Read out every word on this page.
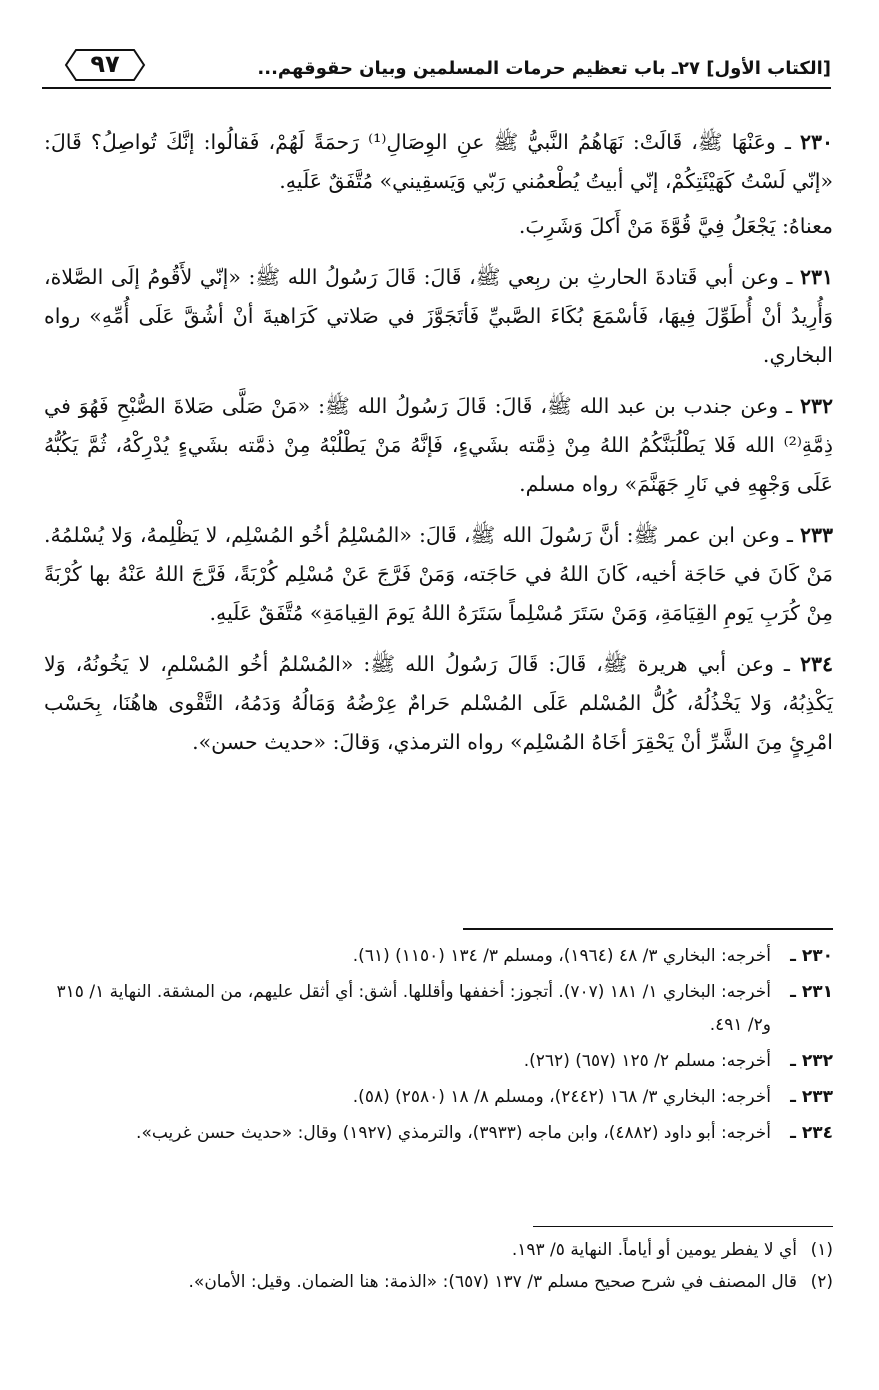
[الكتاب الأول] ٢٧ـ باب تعظيم حرمات المسلمين وبيان حقوقهم...
٩٧

٢٣٠ ـ وعَنْهَا ﷺ، قَالَتْ: نَهَاهُمُ النَّبيُّ ﷺ عنِ الوِصَالِ⁽¹⁾ رَحمَةً لَهُمْ، فَقالُوا: إنَّكَ تُواصِلُ؟ قَالَ: «إنّي لَسْتُ كَهَيْئَتِكُمْ، إنّي أبيتُ يُطْعمُني رَبّي وَيَسقِيني» مُتَّفَقٌ عَلَيهِ.

معناهُ: يَجْعَلُ فِيَّ قُوَّةَ مَنْ أَكلَ وَشَرِبَ.

٢٣١ ـ وعن أبي قَتادةَ الحارثِ بن ربِعي ﷺ، قَالَ: قَالَ رَسُولُ الله ﷺ: «إنّي لأَقُومُ إلَى الصَّلاة، وَأُرِيدُ أنْ أُطَوِّلَ فِيهَا، فَأسْمَعَ بُكَاءَ الصَّبيِّ فَأتَجَوَّزَ في صَلاتي كَرَاهيةَ أنْ أشُقَّ عَلَى أُمِّهِ» رواه البخاري.

٢٣٢ ـ وعن جندب بن عبد الله ﷺ، قَالَ: قَالَ رَسُولُ الله ﷺ: «مَنْ صَلَّى صَلاةَ الصُّبْحِ فَهُوَ في ذِمَّةِ⁽²⁾ الله فَلا يَطْلُبَنَّكُمُ اللهُ مِنْ ذِمَّته بشَيءٍ، فَإنَّهُ مَنْ يَطْلُبْهُ مِنْ ذمَّته بشَيءٍ يُدْرِكْهُ، ثُمَّ يَكُبُّهُ عَلَى وَجْهِهِ في نَارِ جَهَنَّمَ» رواه مسلم.

٢٣٣ ـ وعن ابن عمر ﷺ: أنَّ رَسُولَ الله ﷺ، قَالَ: «المُسْلِمُ أخُو المُسْلِم، لا يَظْلِمهُ، وَلا يُسْلمُهُ. مَنْ كَانَ في حَاجَة أخيه، كَانَ اللهُ في حَاجَته، وَمَنْ فَرَّجَ عَنْ مُسْلِم كُرْبَةً، فَرَّجَ اللهُ عَنْهُ بها كُرْبَةً مِنْ كُرَبِ يَومِ القِيَامَةِ، وَمَنْ سَتَرَ مُسْلِماً سَتَرَهُ اللهُ يَومَ القِيامَةِ» مُتَّفَقٌ عَلَيهِ.

٢٣٤ ـ وعن أبي هريرة ﷺ، قَالَ: قَالَ رَسُولُ الله ﷺ: «المُسْلمُ أخُو المُسْلمِ، لا يَخُونُهُ، وَلا يَكْذِبُهُ، وَلا يَخْذُلُهُ، كُلُّ المُسْلم عَلَى المُسْلم حَرامٌ عِرْضُهُ وَمَالُهُ وَدَمُهُ، التَّقْوى هاهُنَا، بِحَسْب امْرِئٍ مِنَ الشَّرِّ أنْ يَحْقِرَ أخَاهُ المُسْلِم» رواه الترمذي، وَقالَ: «حديث حسن».

٢٣٠ ـ
أخرجه: البخاري ٣/ ٤٨ (١٩٦٤)، ومسلم ٣/ ١٣٤ (١١٥٠) (٦١).
٢٣١ ـ
أخرجه: البخاري ١/ ١٨١ (٧٠٧). أتجوز: أخففها وأقللها. أشق: أي أثقل عليهم، من المشقة. النهاية ١/ ٣١٥ و٢/ ٤٩١.
٢٣٢ ـ
أخرجه: مسلم ٢/ ١٢٥ (٦٥٧) (٢٦٢).
٢٣٣ ـ
أخرجه: البخاري ٣/ ١٦٨ (٢٤٤٢)، ومسلم ٨/ ١٨ (٢٥٨٠) (٥٨).
٢٣٤ ـ
أخرجه: أبو داود (٤٨٨٢)، وابن ماجه (٣٩٣٣)، والترمذي (١٩٢٧) وقال: «حديث حسن غريب».
(١)
أي لا يفطر يومين أو أياماً. النهاية ٥/ ١٩٣.
(٢)
قال المصنف في شرح صحيح مسلم ٣/ ١٣٧ (٦٥٧): «الذمة: هنا الضمان. وقيل: الأمان».
